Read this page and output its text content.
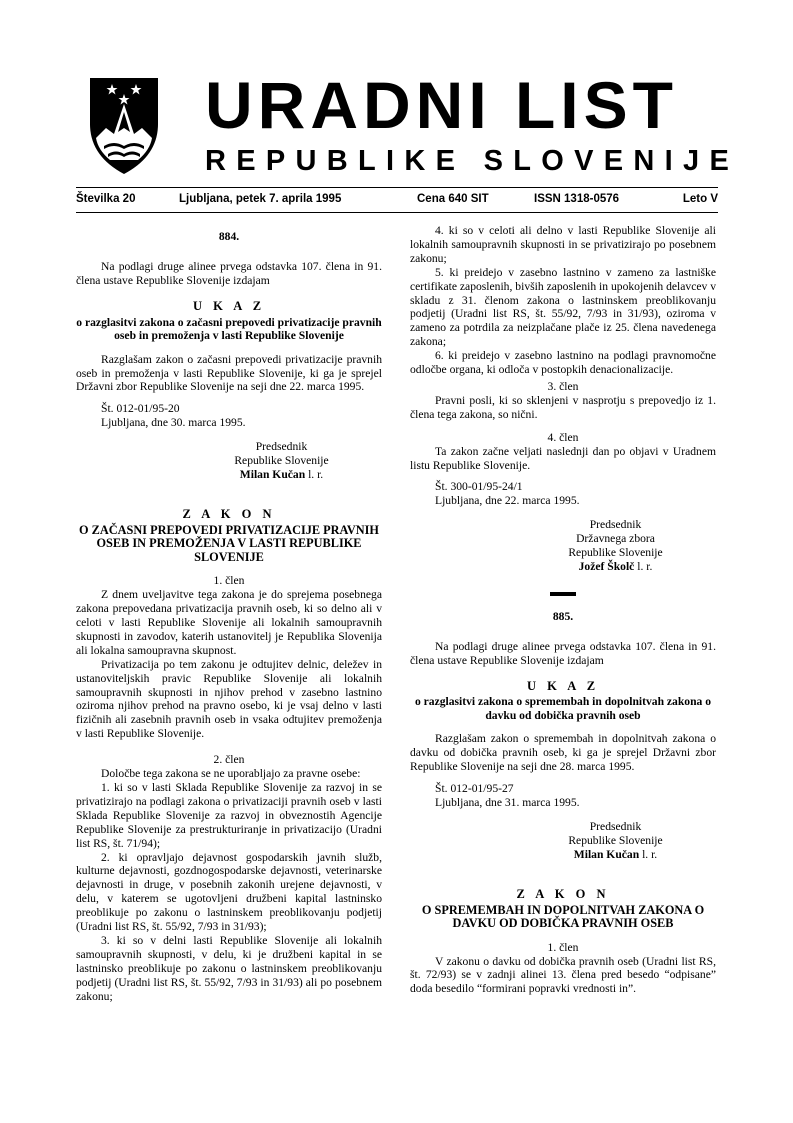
URADNI LIST
REPUBLIKE SLOVENIJE
Številka 20	Ljubljana, petek 7. aprila 1995	Cena 640 SIT	ISSN 1318-0576	Leto V
884.

Na podlagi druge alinee prvega odstavka 107. člena in 91. člena ustave Republike Slovenije izdajam

U K A Z
o razglasitvi zakona o začasni prepovedi privatizacije pravnih oseb in premoženja v lasti Republike Slovenije

Razglašam zakon o začasni prepovedi privatizacije pravnih oseb in premoženja v lasti Republike Slovenije, ki ga je sprejel Državni zbor Republike Slovenije na seji dne 22. marca 1995.

Št. 012-01/95-20

Ljubljana, dne 30. marca 1995.

Predsednik
Republike Slovenije
Milan Kučan l. r.
Z A K O N
O ZAČASNI PREPOVEDI PRIVATIZACIJE PRAVNIH OSEB IN PREMOŽENJA V LASTI REPUBLIKE SLOVENIJE
1. člen

Z dnem uveljavitve tega zakona je do sprejema posebnega zakona prepovedana privatizacija pravnih oseb, ki so delno ali v celoti v lasti Republike Slovenije ali lokalnih samoupravnih skupnosti in zavodov, katerih ustanovitelj je Republika Slovenija ali lokalna samoupravna skupnost.

Privatizacija po tem zakonu je odtujitev delnic, deležev in ustanoviteljskih pravic Republike Slovenije ali lokalnih samoupravnih skupnosti in njihov prehod v zasebno lastnino oziroma njihov prehod na pravno osebo, ki je vsaj delno v lasti fizičnih ali zasebnih pravnih oseb in vsaka odtujitev premoženja v lasti Republike Slovenije.

2. člen

Določbe tega zakona se ne uporabljajo za pravne osebe:

1. ki so v lasti Sklada Republike Slovenije za razvoj in se privatizirajo na podlagi zakona o privatizaciji pravnih oseb v lasti Sklada Republike Slovenije za razvoj in obveznostih Agencije Republike Slovenije za prestrukturiranje in privatizacijo (Uradni list RS, št. 71/94);

2. ki opravljajo dejavnost gospodarskih javnih služb, kulturne dejavnosti, gozdnogospodarske dejavnosti, veterinarske dejavnosti in druge, v posebnih zakonih urejene dejavnosti, v delu, v katerem se ugotovljeni družbeni kapital lastninsko preoblikuje po zakonu o lastninskem preoblikovanju podjetij (Uradni list RS, št. 55/92, 7/93 in 31/93);

3. ki so v delni lasti Republike Slovenije ali lokalnih samoupravnih skupnosti, v delu, ki je družbeni kapital in se lastninsko preoblikuje po zakonu o lastninskem preoblikovanju podjetij (Uradni list RS, št. 55/92, 7/93 in 31/93) ali po posebnem zakonu;

4. ki so v celoti ali delno v lasti Republike Slovenije ali lokalnih samoupravnih skupnosti in se privatizirajo po posebnem zakonu;

5. ki preidejo v zasebno lastnino v zameno za lastniške certifikate zaposlenih, bivših zaposlenih in upokojenih delavcev v skladu z 31. členom zakona o lastninskem preoblikovanju podjetij (Uradni list RS, št. 55/92, 7/93 in 31/93), oziroma v zameno za potrdila za neizplačane plače iz 25. člena navedenega zakona;

6. ki preidejo v zasebno lastnino na podlagi pravnomočne odločbe organa, ki odloča v postopkih denacionalizacije.

3. člen

Pravni posli, ki so sklenjeni v nasprotju s prepovedjo iz 1. člena tega zakona, so nični.

4. člen

Ta zakon začne veljati naslednji dan po objavi v Uradnem listu Republike Slovenije.

Št. 300-01/95-24/1

Ljubljana, dne 22. marca 1995.

Predsednik
Državnega zbora
Republike Slovenije
Jožef Školč l. r.
885.

Na podlagi druge alinee prvega odstavka 107. člena in 91. člena ustave Republike Slovenije izdajam

U K A Z
o razglasitvi zakona o spremembah in dopolnitvah zakona o davku od dobička pravnih oseb

Razglašam zakon o spremembah in dopolnitvah zakona o davku od dobička pravnih oseb, ki ga je sprejel Državni zbor Republike Slovenije na seji dne 28. marca 1995.

Št. 012-01/95-27

Ljubljana, dne 31. marca 1995.

Predsednik
Republike Slovenije
Milan Kučan l. r.
Z A K O N
O SPREMEMBAH IN DOPOLNITVAH ZAKONA O DAVKU OD DOBIČKA PRAVNIH OSEB
1. člen

V zakonu o davku od dobička pravnih oseb (Uradni list RS, št. 72/93) se v zadnji alinei 13. člena pred besedo “odpisane” doda besedilo “formirani popravki vrednosti in”.
